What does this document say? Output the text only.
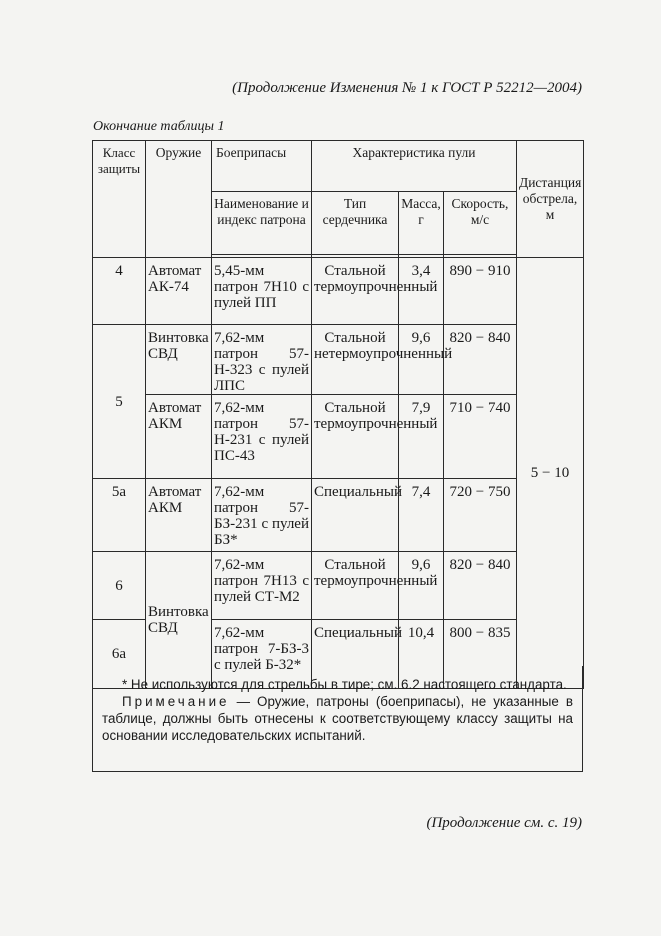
(Продолжение Изменения № 1 к ГОСТ Р 52212—2004)
Окончание таблицы 1
Класс защиты	Оружие	Боеприпасы	Характеристика пули			Дистанция обстрела, м
		Наименование и индекс патрона	Тип сердечника	Масса, г	Скорость, м/с	

4	Автомат АК-74	5,45-мм патрон 7Н10 с пулей ПП	Стальной термоупрочненный	3,4	890 − 910	5 − 10
5	Винтовка СВД	7,62-мм патрон 57-Н-323 с пулей ЛПС	Стальной нетермоупрочненный	9,6	820 − 840	
	Автомат АКМ	7,62-мм патрон 57-Н-231 с пулей ПС-43	Стальной термоупрочненный	7,9	710 − 740	
5а	Автомат АКМ	7,62-мм патрон 57-БЗ-231 с пулей БЗ*	Специальный	7,4	720 − 750	
6	Винтовка СВД	7,62-мм патрон 7Н13 с пулей СТ-М2	Стальной термоупрочненный	9,6	820 − 840	
6а		7,62-мм патрон 7-БЗ-3 с пулей Б-32*	Специальный	10,4	800 − 835	

* Не используются для стрельбы в тире; см. 6.2 настоящего стандарта.

Примечание — Оружие, патроны (боеприпасы), не указанные в таблице, должны быть отнесены к соответствующему классу защиты на основании исследовательских испытаний.

(Продолжение см. с. 19)
